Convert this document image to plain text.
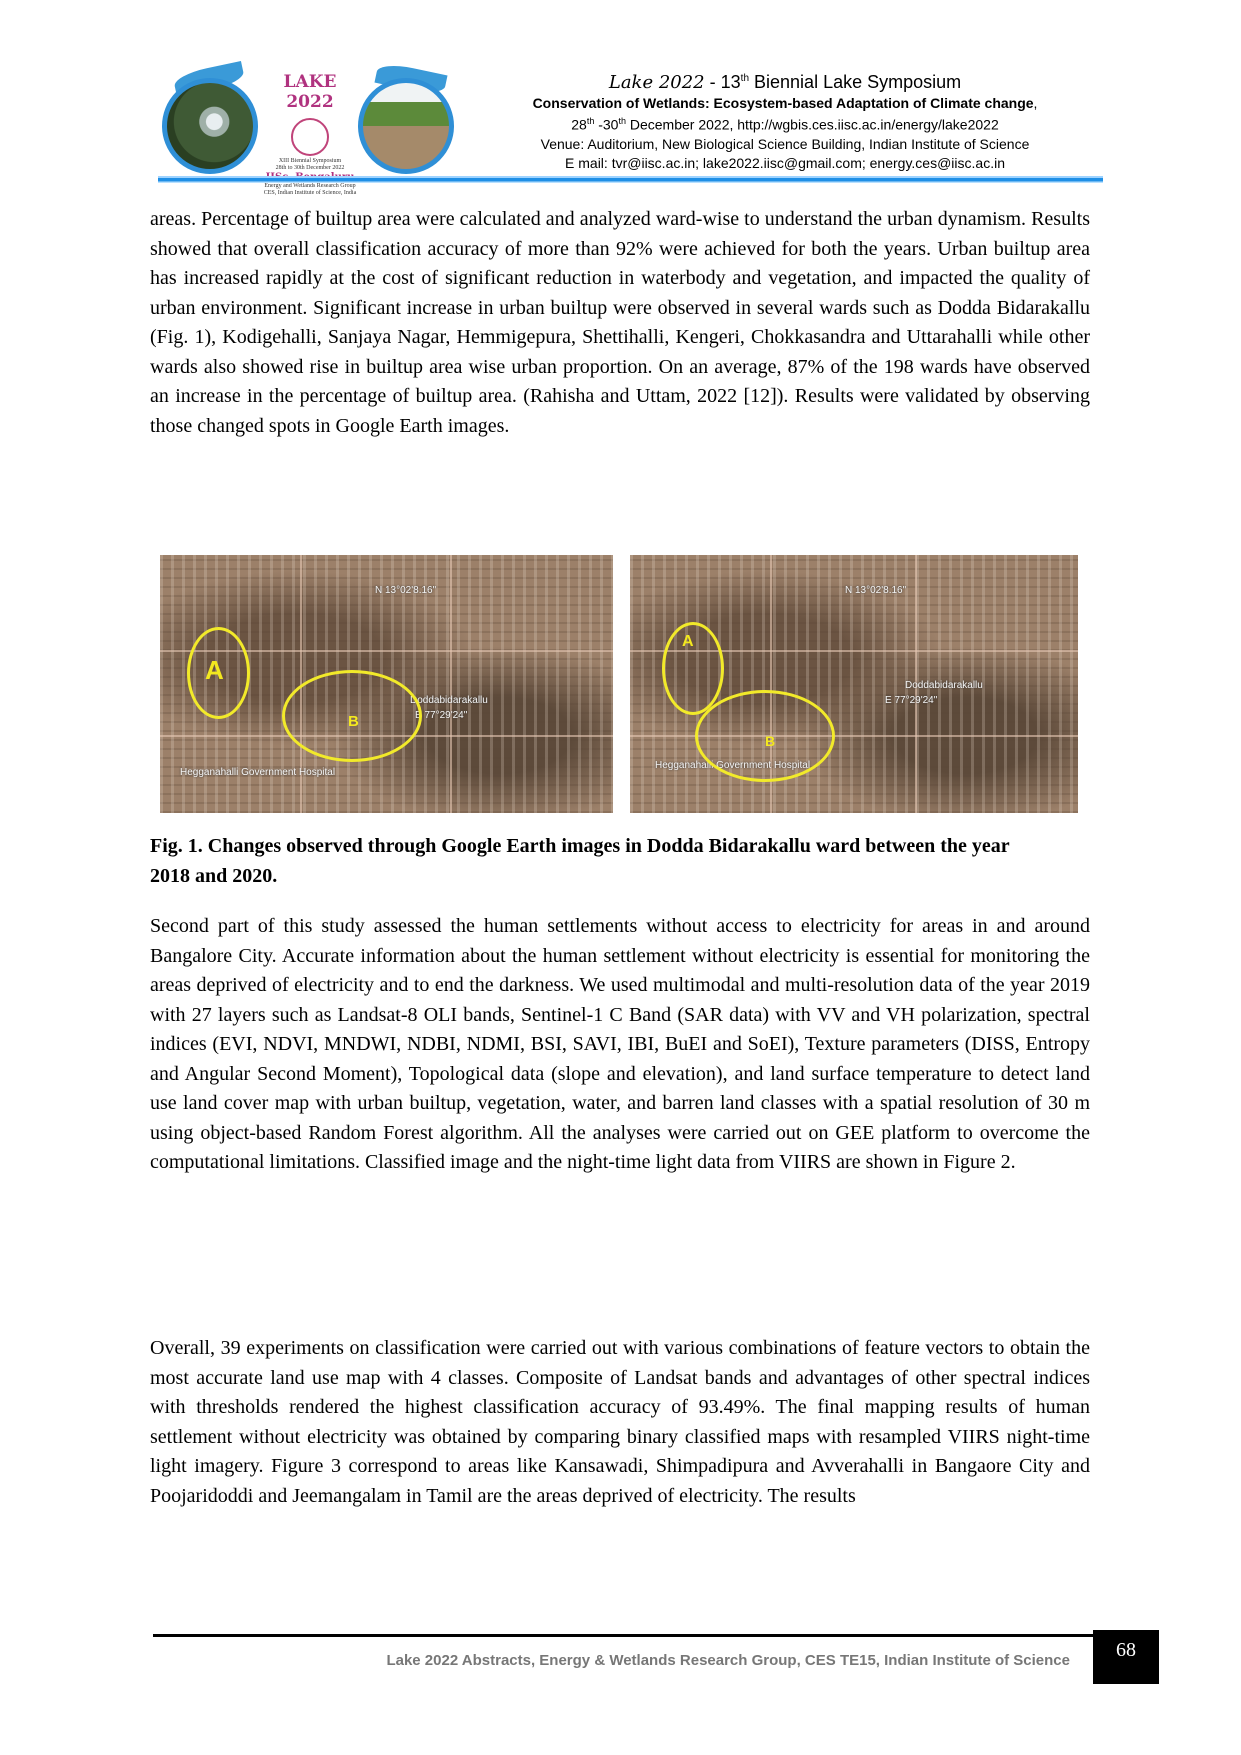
LAKE 2022
XIII Biennial Symposium
28th to 30th December 2022
Energy and Wetlands Research Group
CES, Indian Institute of Science, India
Lake 2022 - 13th Biennial Lake Symposium
Conservation of Wetlands: Ecosystem-based Adaptation of Climate change,
28th -30th December 2022, http://wgbis.ces.iisc.ac.in/energy/lake2022
Venue: Auditorium, New Biological Science Building, Indian Institute of Science
E mail: tvr@iisc.ac.in; lake2022.iisc@gmail.com; energy.ces@iisc.ac.in
areas. Percentage of builtup area were calculated and analyzed ward-wise to understand the urban dynamism. Results showed that overall classification accuracy of more than 92% were achieved for both the years. Urban builtup area has increased rapidly at the cost of significant reduction in waterbody and vegetation, and impacted the quality of urban environment. Significant increase in urban builtup were observed in several wards such as Dodda Bidarakallu (Fig. 1), Kodigehalli, Sanjaya Nagar, Hemmigepura, Shettihalli, Kengeri, Chokkasandra and Uttarahalli while other wards also showed rise in builtup area wise urban proportion. On an average, 87% of the 198 wards have observed an increase in the percentage of builtup area. (Rahisha and Uttam, 2022 [12]). Results were validated by observing those changed spots in Google Earth images.
N 13°02'8.16"
Doddabidarakallu
E 77°29'24"
Hegganahalli Government Hospital
A
B
N 13°02'8.16"
Doddabidarakallu
E 77°29'24"
Hegganahalli Government Hospital
A
B
Fig. 1. Changes observed through Google Earth images in Dodda Bidarakallu ward between the year 2018 and 2020.
Second part of this study assessed the human settlements without access to electricity for areas in and around Bangalore City. Accurate information about the human settlement without electricity is essential for monitoring the areas deprived of electricity and to end the darkness. We used multimodal and multi-resolution data of the year 2019 with 27 layers such as Landsat-8 OLI bands, Sentinel-1 C Band (SAR data) with VV and VH polarization, spectral indices (EVI, NDVI, MNDWI, NDBI, NDMI, BSI, SAVI, IBI, BuEI and SoEI), Texture parameters (DISS, Entropy and Angular Second Moment), Topological data (slope and elevation), and land surface temperature to detect land use land cover map with urban builtup, vegetation, water, and barren land classes with a spatial resolution of 30 m using object-based Random Forest algorithm. All the analyses were carried out on GEE platform to overcome the computational limitations. Classified image and the night-time light data from VIIRS are shown in Figure 2.
Overall, 39 experiments on classification were carried out with various combinations of feature vectors to obtain the most accurate land use map with 4 classes. Composite of Landsat bands and advantages of other spectral indices with thresholds rendered the highest classification accuracy of 93.49%. The final mapping results of human settlement without electricity was obtained by comparing binary classified maps with resampled VIIRS night-time light imagery. Figure 3 correspond to areas like Kansawadi, Shimpadipura and Avverahalli in Bangaore City and Poojaridoddi and Jeemangalam in Tamil are the areas deprived of electricity. The results
Lake 2022 Abstracts, Energy & Wetlands Research Group, CES TE15, Indian Institute of Science	68
